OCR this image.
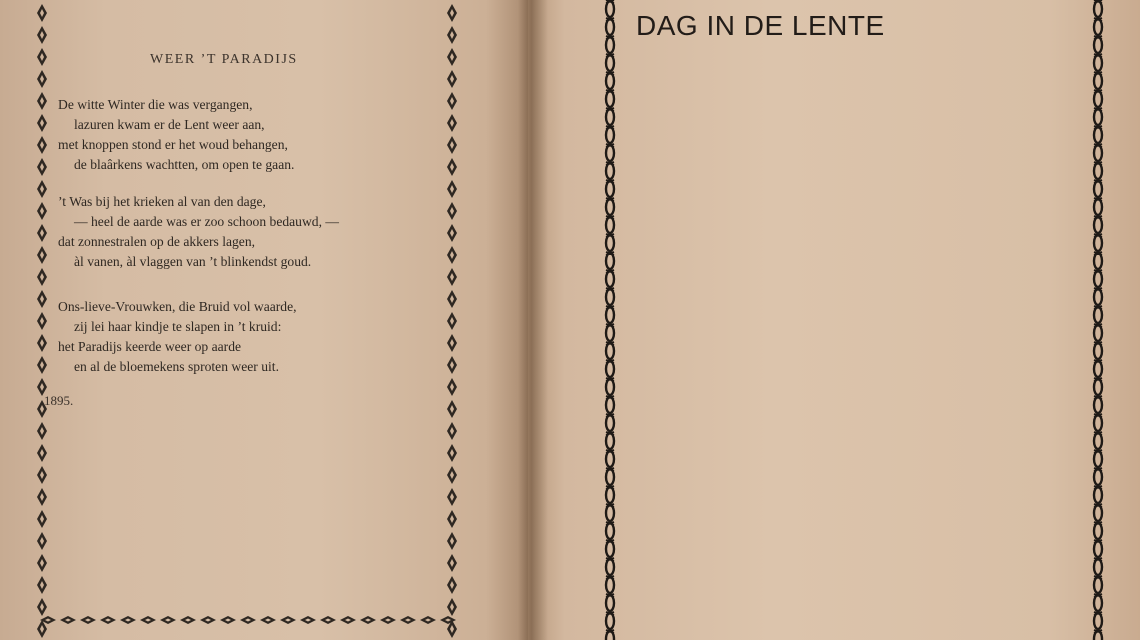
WEER ’T PARADIJS
De witte Winter die was vergangen,
lazuren kwam er de Lent weer aan,
met knoppen stond er het woud behangen,
de blaârkens wachtten, om open te gaan.
’t Was bij het krieken al van den dage,
— heel de aarde was er zoo schoon bedauwd, —
dat zonnestralen op de akkers lagen,
àl vanen, àl vlaggen van ’t blinkendst goud.
Ons-lieve-Vrouwken, die Bruid vol waarde,
zij lei haar kindje te slapen in ’t kruid:
het Paradijs keerde weer op aarde
en al de bloemekens sproten weer uit.
1895.
DAG IN DE LENTE
